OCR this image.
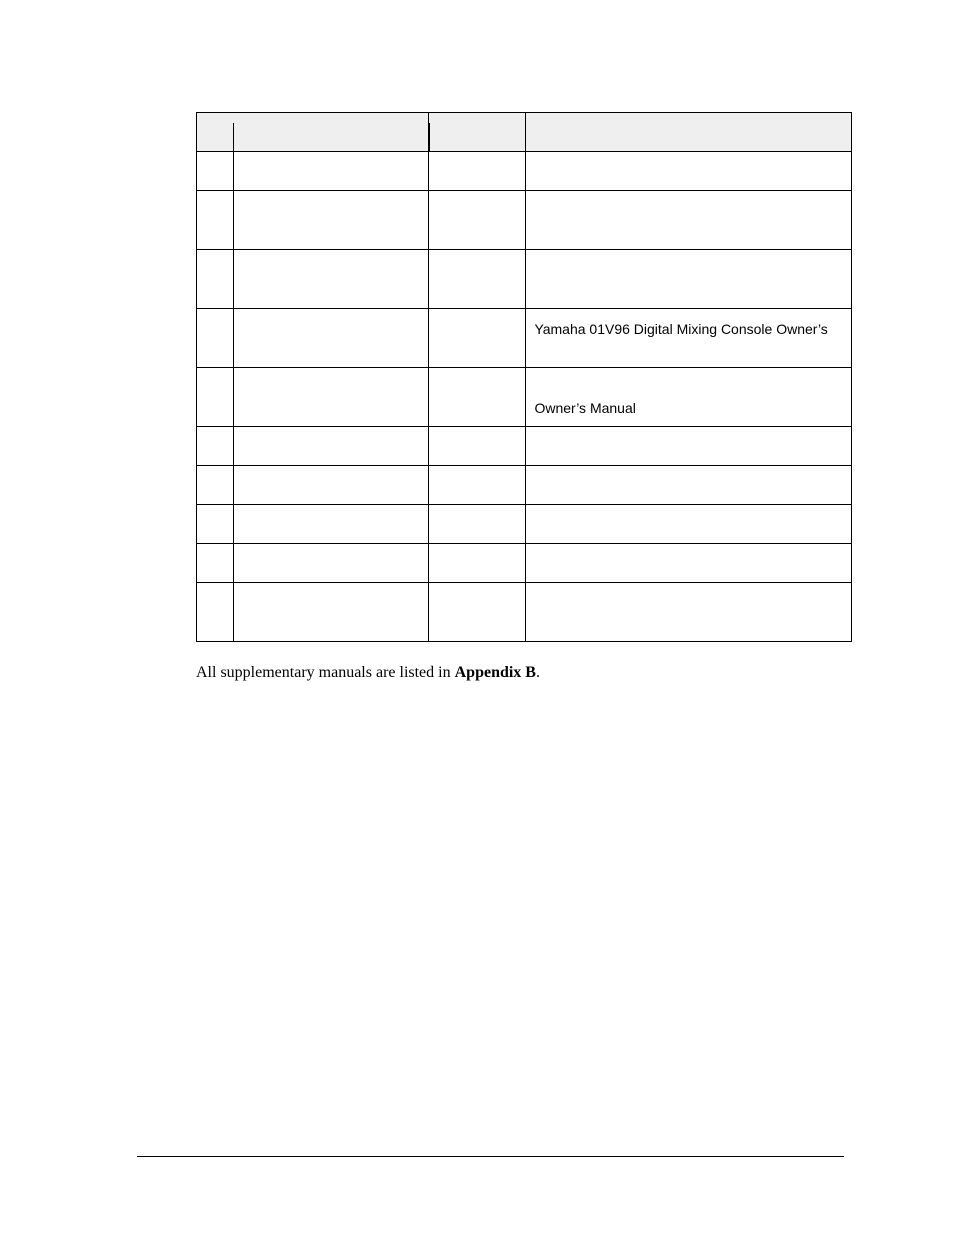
			Yamaha 01V96 Digital Mixing Console Owner’s

			Owner’s Manual

All supplementary manuals are listed in Appendix B.
